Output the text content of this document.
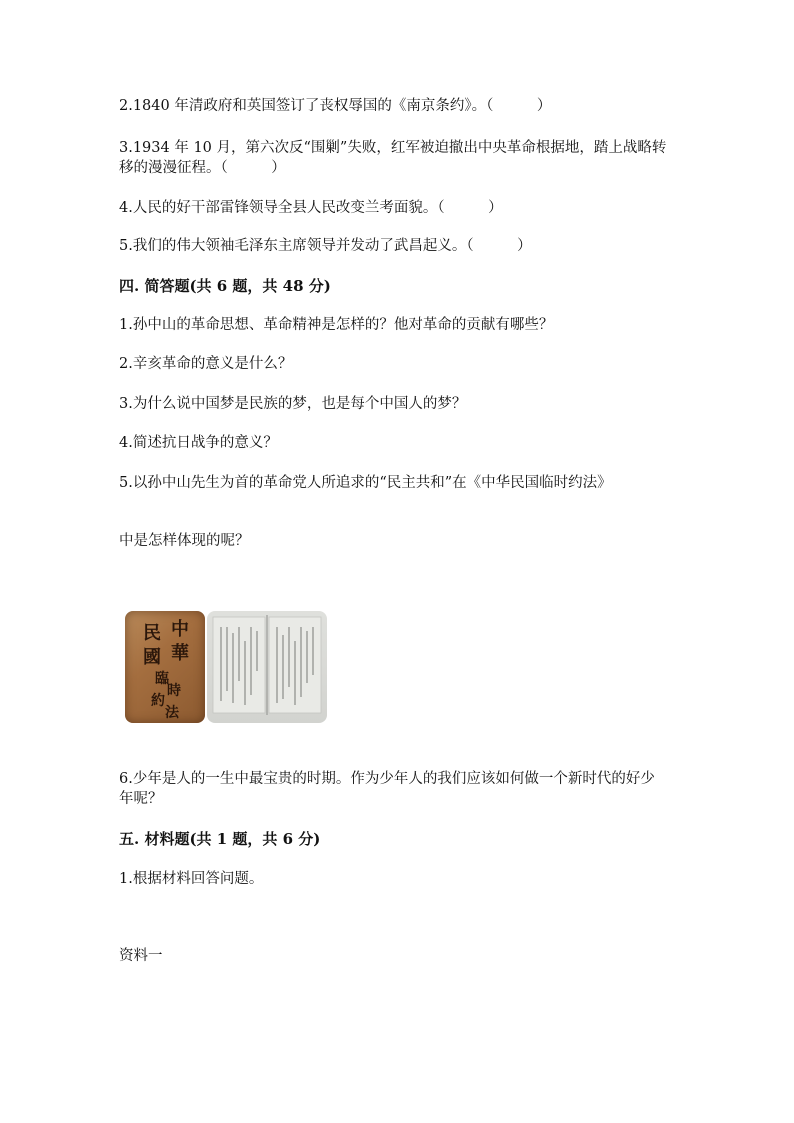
2.1840 年清政府和英国签订了丧权辱国的《南京条约》。（　　　）
3.1934 年 10 月，第六次反“围剿”失败，红军被迫撤出中央革命根据地，踏上战略转移的漫漫征程。（　　　）
4.人民的好干部雷锋领导全县人民改变兰考面貌。（　　　）
5.我们的伟大领袖毛泽东主席领导并发动了武昌起义。（　　　）
四. 简答题(共 6 题，共 48 分)
1.孙中山的革命思想、革命精神是怎样的？他对革命的贡献有哪些？
2.辛亥革命的意义是什么？
3.为什么说中国梦是民族的梦，也是每个中国人的梦？
4.简述抗日战争的意义？
5.以孙中山先生为首的革命党人所追求的“民主共和”在《中华民国临时约法》
中是怎样体现的呢？
中
華
民
國
臨
時
約
法
6.少年是人的一生中最宝贵的时期。作为少年人的我们应该如何做一个新时代的好少年呢？
五. 材料题(共 1 题，共 6 分)
1.根据材料回答问题。
资料一
